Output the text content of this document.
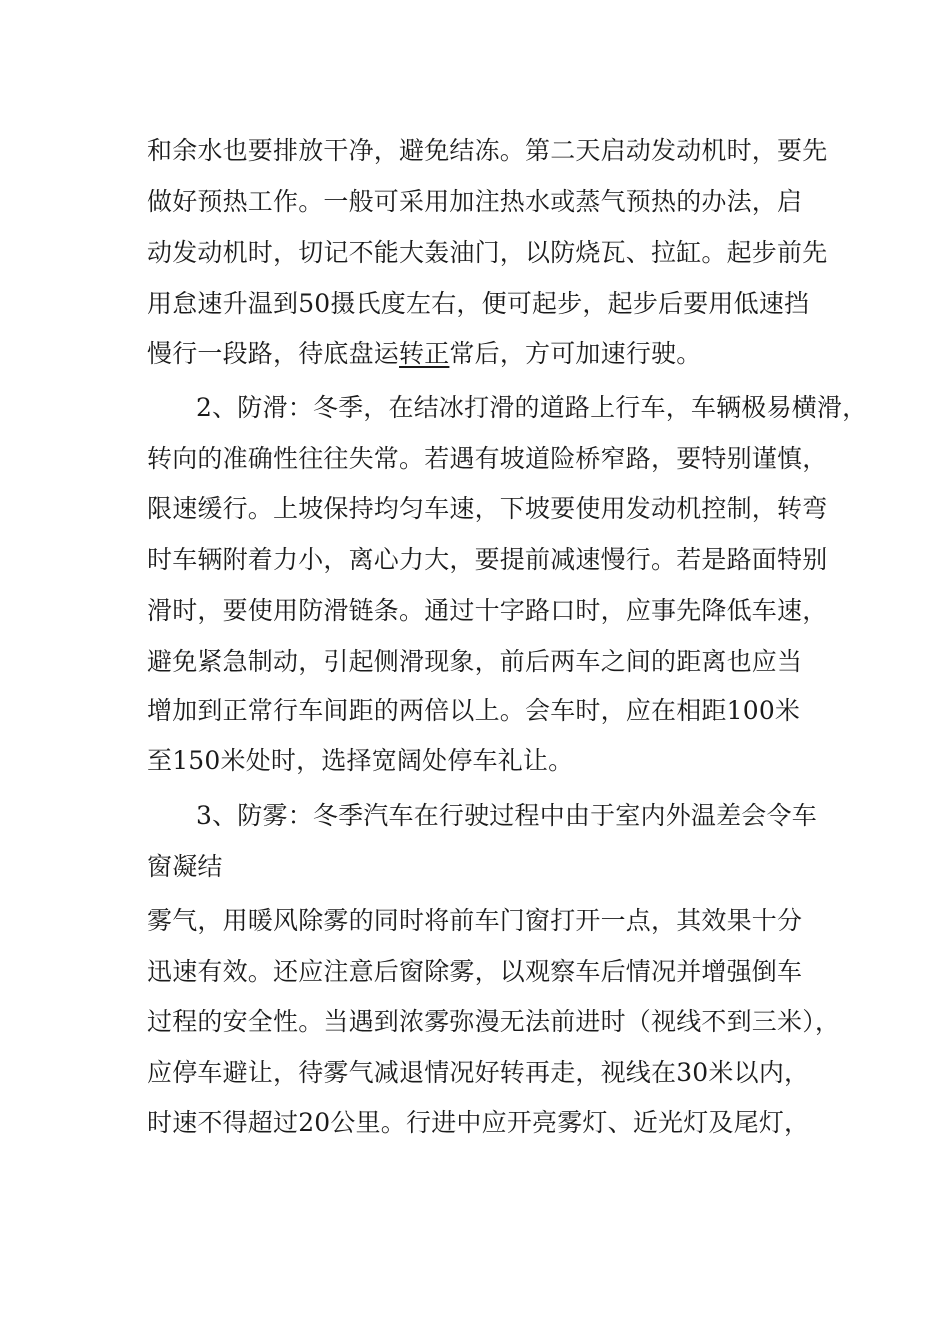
和余水也要排放干净，避免结冻。第二天启动发动机时，要先
做好预热工作。一般可采用加注热水或蒸气预热的办法，启
动发动机时，切记不能大轰油门，以防烧瓦、拉缸。起步前先
用怠速升温到50摄氏度左右，便可起步，起步后要用低速挡
慢行一段路，待底盘运转正常后，方可加速行驶。
2、防滑：冬季，在结冰打滑的道路上行车，车辆极易横滑，
转向的准确性往往失常。若遇有坡道险桥窄路，要特别谨慎，
限速缓行。上坡保持均匀车速，下坡要使用发动机控制，转弯
时车辆附着力小，离心力大，要提前减速慢行。若是路面特别
滑时，要使用防滑链条。通过十字路口时，应事先降低车速，
避免紧急制动，引起侧滑现象，前后两车之间的距离也应当
增加到正常行车间距的两倍以上。会车时，应在相距100米
至150米处时，选择宽阔处停车礼让。
3、防雾：冬季汽车在行驶过程中由于室内外温差会令车
窗凝结
雾气，用暖风除雾的同时将前车门窗打开一点，其效果十分
迅速有效。还应注意后窗除雾，以观察车后情况并增强倒车
过程的安全性。当遇到浓雾弥漫无法前进时（视线不到三米），
应停车避让，待雾气减退情况好转再走，视线在30米以内，
时速不得超过20公里。行进中应开亮雾灯、近光灯及尾灯，
